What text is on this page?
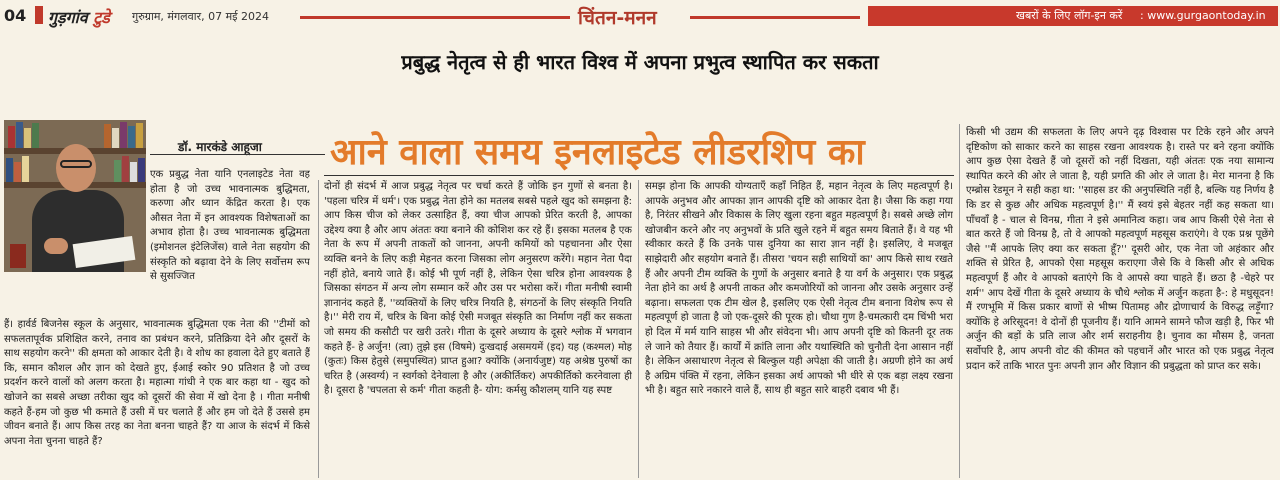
04 गुड़गांव टुडे गुरुग्राम, मंगलवार, 07 मई 2024	चिंतन-मनन	खबरों के लिए लॉग-इन करें : www.gurgaontoday.in
प्रबुद्ध नेतृत्व से ही भारत विश्व में अपना प्रभुत्व स्थापित कर सकता
डॉ. मारकंडे आहूजा आने वाला समय इनलाइटेड लीडरशिप का
एक प्रबुद्ध नेता यानि एनलाइटेड नेता वह होता है जो उच्च भावनात्मक बुद्धिमता, करुणा और ध्यान केंद्रित करता है। एक औसत नेता में इन आवश्यक विशेषताओं का अभाव होता है। उच्च भावनात्मक बुद्धिमता (इमोशनल इंटेलिजेंस) वाले नेता सहयोग की संस्कृति को बढ़ावा देने के लिए सर्वोत्तम रूप से सुसज्जित
हैं। हार्वर्ड बिजनेस स्कूल के अनुसार, भावनात्मक बुद्धिमता एक नेता की ''टीमों को सफलतापूर्वक प्रशिक्षित करने, तनाव का प्रबंधन करने, प्रतिक्रिया देने और दूसरों के साथ सहयोग करने'' की क्षमता को आकार देती है। वे शोध का हवाला देते हुए बताते हैं कि, समान कौशल और ज्ञान को देखते हुए, ईआई स्कोर 90 प्रतिशत है जो उच्च प्रदर्शन करने वालों को अलग करता है। महात्मा गांधी ने एक बार कहा था - खुद को खोजने का सबसे अच्छा तरीका खुद को दूसरों की सेवा में खो देना है । गीता मनीषी कहते हैं-हम जो कुछ भी कमाते हैं उसी में घर चलाते हैं और हम जो देते हैं उससे हम जीवन बनाते हैं। आप किस तरह का नेता बनना चाहते हैं? या आज के संदर्भ में किसे अपना नेता चुनना चाहते हैं?
दोनों ही संदर्भ में आज प्रबुद्ध नेतृत्व पर चर्चा करते हैं जोकि इन गुणों से बनता है। 'पहला चरित्र में धर्म'। एक प्रबुद्ध नेता होने का मतलब सबसे पहले खुद को समझना है: आप किस चीज को लेकर उत्साहित हैं, क्या चीज आपको प्रेरित करती है, आपका उद्देश्य क्या है और आप अंततः क्या बनाने की कोशिश कर रहे हैं। इसका मतलब है एक नेता के रूप में अपनी ताकतों को जानना, अपनी कमियों को पहचानना और ऐसा व्यक्ति बनने के लिए कड़ी मेहनत करना जिसका लोग अनुसरण करेंगे। महान नेता पैदा नहीं होते, बनाये जाते हैं। कोई भी पूर्ण नहीं है, लेकिन ऐसा चरित्र होना आवश्यक है जिसका संगठन में अन्य लोग सम्मान करें और उस पर भरोसा करें। गीता मनीषी स्वामी ज्ञानानंद कहते हैं, ''व्यक्तियों के लिए चरित्र नियति है, संगठनों के लिए संस्कृति नियति है।'' मेरी राय में, चरित्र के बिना कोई ऐसी मजबूत संस्कृति का निर्माण नहीं कर सकता जो समय की कसौटी पर खरी उतरे। गीता के दूसरे अध्याय के दूसरे श्लोक में भगवान कहते हैं- हे अर्जुन! (त्वा) तुझे इस (विषमे) दुःखदाई असमयमें (इद) यह (कश्मल) मोह (कुतः) किस हेतुसे (समुपस्थित) प्राप्त हुआ? क्योंकि (अनार्यजुष्ट) यह अश्रेष्ठ पुरुषों का चरित है (अस्वर्ग्य) न स्वर्गको देनेवाला है और (अकीर्तिकर) अपकीर्तिको करनेवाला ही है। दूसरा है 'चपलता से कर्म' गीता कहती है- योग: कर्मसु कौशलम् यानि यह स्पष्ट
समझ होना कि आपकी योग्यताएँ कहाँ निहित हैं, महान नेतृत्व के लिए महत्वपूर्ण है। आपके अनुभव और आपका ज्ञान आपकी दृष्टि को आकार देता है। जैसा कि कहा गया है, निरंतर सीखने और विकास के लिए खुला रहना बहुत महत्वपूर्ण है। सबसे अच्छे लोग खोजबीन करने और नए अनुभवों के प्रति खुले रहने में बहुत समय बिताते हैं। वे यह भी स्वीकार करते हैं कि उनके पास दुनिया का सारा ज्ञान नहीं है। इसलिए, वे मजबूत साझेदारी और सहयोग बनाते हैं। तीसरा 'चयन सही साथियों का' आप किसे साथ रखते हैं और अपनी टीम व्यक्ति के गुणों के अनुसार बनाते है या वर्ग के अनुसार। एक प्रबुद्ध नेता होने का अर्थ है अपनी ताकत और कमजोरियों को जानना और उसके अनुसार उन्हें बढ़ाना। सफलता एक टीम खेल है, इसलिए एक ऐसी नेतृत्व टीम बनाना विशेष रूप से महत्वपूर्ण हो जाता है जो एक-दूसरे की पूरक हो। चौथा गुण है-चमत्कारी दम चिंभी भरा हो दिल में मर्म यानि साहस भी और संवेदना भी। आप अपनी दृष्टि को कितनी दूर तक ले जाने को तैयार हैं। कार्यों में क्रांति लाना और यथास्थिति को चुनौती देना आसान नहीं है। लेकिन असाधारण नेतृत्व से बिल्कुल यही अपेक्षा की जाती है। अग्रणी होने का अर्थ है अग्रिम पंक्ति में रहना, लेकिन इसका अर्थ आपको भी धीरे से एक बड़ा लक्ष्य रखना भी है। बहुत सारे नकारने वाले हैं, साथ ही बहुत सारे बाहरी दबाव भी हैं।
किसी भी उद्यम की सफलता के लिए अपने दृढ़ विश्वास पर टिके रहने और अपने दृष्टिकोण को साकार करने का साहस रखना आवश्यक है। रास्ते पर बने रहना क्योंकि आप कुछ ऐसा देखते हैं जो दूसरों को नहीं दिखता, यही अंततः एक नया सामान्य स्थापित करने की ओर ले जाता है, यही प्रगति की ओर ले जाता है। मेरा मानना है कि एम्ब्रोस रेडमून ने सही कहा था: ''साहस डर की अनुपस्थिति नहीं है, बल्कि यह निर्णय है कि डर से कुछ और अधिक महत्वपूर्ण है।'' मैं स्वयं इसे बेहतर नहीं कह सकता था। पाँचवाँ है - चाल से विनम्र, गीता ने इसे अमानित्व कहा। जब आप किसी ऐसे नेता से बात करते हैं जो विनम्र है, तो वे आपको महत्वपूर्ण महसूस कराएंगे। वे एक प्रश्न पूछेंगे जैसे ''मैं आपके लिए क्या कर सकता हूँ?'' दूसरी ओर, एक नेता जो अहंकार और शक्ति से प्रेरित है, आपको ऐसा महसूस कराएगा जैसे कि वे किसी और से अधिक महत्वपूर्ण हैं और वे आपको बताएंगे कि वे आपसे क्या चाहते हैं। छठा है -चेहरे पर शर्म'' आप देखें गीता के दूसरे अध्याय के चौथे श्लोक में अर्जुन कहता है-: हे मधुसूदन! मैं रणभूमि में किस प्रकार बाणों से भीष्म पितामह और द्रोणाचार्य के विरुद्ध लड़ूँगा? क्योंकि हे अरिसूदन! वे दोनों ही पूजनीय हैं। यानि आमने सामने फौज खड़ी है, फिर भी अर्जुन की बड़ों के प्रति लाज और शर्म सराहनीय है। चुनाव का मौसम है, जनता सर्वोपरि है, आप अपनी वोट की कीमत को पहचानें और भारत को एक प्रबुद्ध नेतृत्व प्रदान करें ताकि भारत पुनः अपनी ज्ञान और विज्ञान की प्रबुद्धता को प्राप्त कर सके।
